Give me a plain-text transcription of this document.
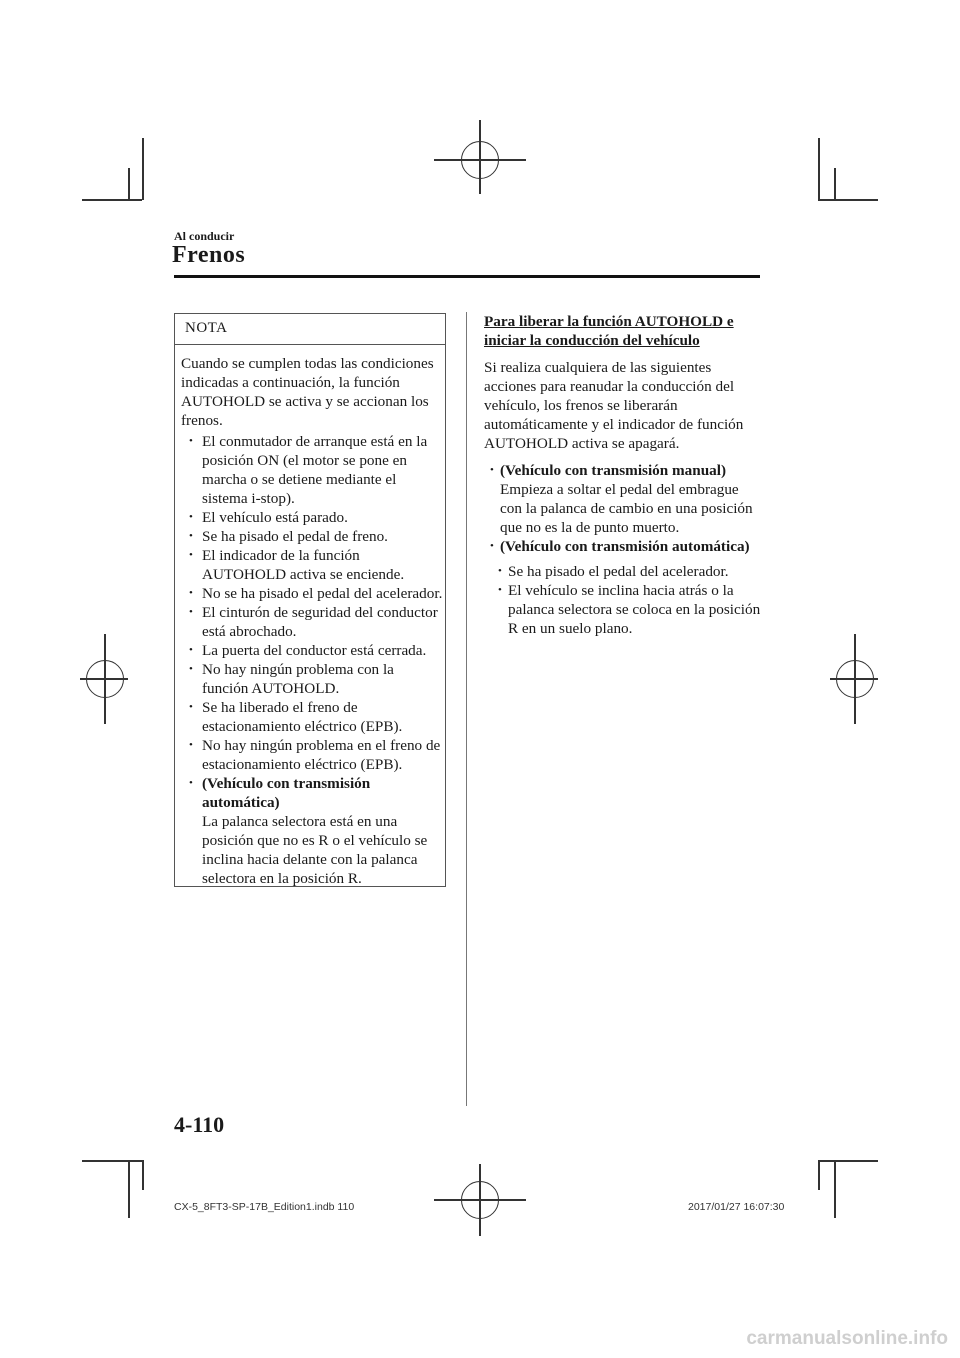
Al conducir
Frenos
NOTA
Cuando se cumplen todas las condiciones indicadas a continuación, la función AUTOHOLD se activa y se accionan los frenos.
• El conmutador de arranque está en la posición ON (el motor se pone en marcha o se detiene mediante el sistema i-stop).
• El vehículo está parado.
• Se ha pisado el pedal de freno.
• El indicador de la función AUTOHOLD activa se enciende.
• No se ha pisado el pedal del acelerador.
• El cinturón de seguridad del conductor está abrochado.
• La puerta del conductor está cerrada.
• No hay ningún problema con la función AUTOHOLD.
• Se ha liberado el freno de estacionamiento eléctrico (EPB).
• No hay ningún problema en el freno de estacionamiento eléctrico (EPB).
• (Vehículo con transmisión automática)
La palanca selectora está en una posición que no es R o el vehículo se inclina hacia delante con la palanca selectora en la posición R.
Para liberar la función AUTOHOLD e iniciar la conducción del vehículo
Si realiza cualquiera de las siguientes acciones para reanudar la conducción del vehículo, los frenos se liberarán automáticamente y el indicador de función AUTOHOLD activa se apagará.
• (Vehículo con transmisión manual)
Empieza a soltar el pedal del embrague con la palanca de cambio en una posición que no es la de punto muerto.
• (Vehículo con transmisión automática)
• Se ha pisado el pedal del acelerador.
• El vehículo se inclina hacia atrás o la palanca selectora se coloca en la posición R en un suelo plano.
4-110
CX-5_8FT3-SP-17B_Edition1.indb 110	2017/01/27 16:07:30
carmanualsonline.info
